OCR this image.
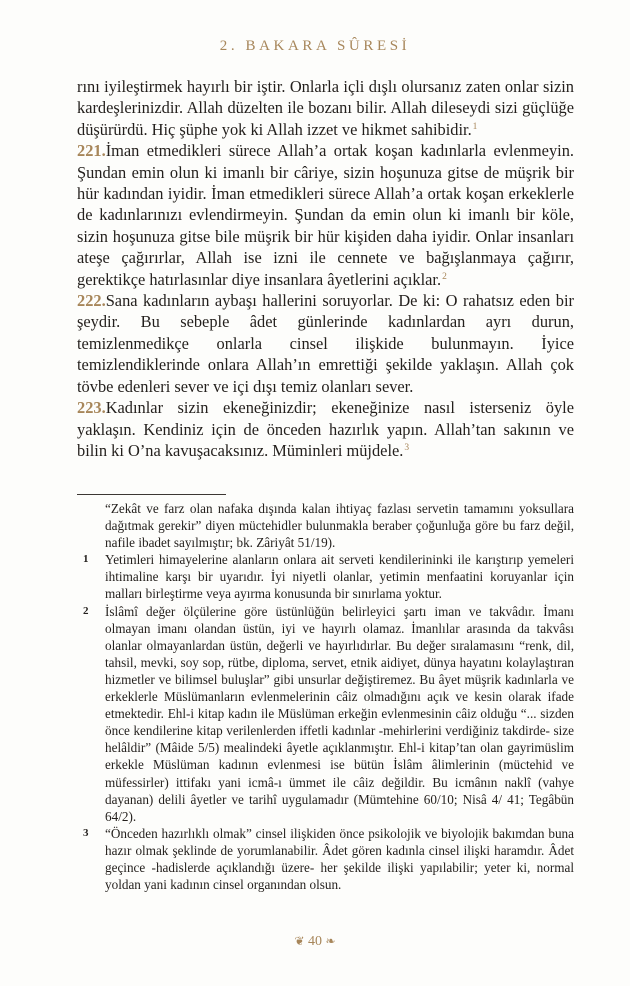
2. BAKARA SÛRESİ

rını iyileştirmek hayırlı bir iştir. Onlarla içli dışlı olursanız zaten onlar sizin kardeşlerinizdir. Allah düzelten ile bozanı bilir. Allah dileseydi sizi güçlüğe düşürürdü. Hiç şüphe yok ki Allah izzet ve hikmet sahibidir.$^1$

221.İman etmedikleri sürece Allah’a ortak koşan kadınlarla evlenmeyin. Şundan emin olun ki imanlı bir câriye, sizin hoşunuza gitse de müşrik bir hür kadından iyidir. İman etmedikleri sürece Allah’a ortak koşan erkeklerle de kadınlarınızı evlendirmeyin. Şundan da emin olun ki imanlı bir köle, sizin hoşunuza gitse bile müşrik bir hür kişiden daha iyidir. Onlar insanları ateşe çağırırlar, Allah ise izni ile cennete ve bağışlanmaya çağırır, gerektikçe hatırlasınlar diye insanlara âyetlerini açıklar.$^2$

222.Sana kadınların aybaşı hallerini soruyorlar. De ki: O rahatsız eden bir şeydir. Bu sebeple âdet günlerinde kadınlardan ayrı durun, temizlenmedikçe onlarla cinsel ilişkide bulunmayın. İyice temizlendiklerinde onlara Allah’ın emrettiği şekilde yaklaşın. Allah çok tövbe edenleri sever ve içi dışı temiz olanları sever.

223.Kadınlar sizin ekeneğinizdir; ekeneğinize nasıl isterseniz öyle yaklaşın. Kendiniz için de önceden hazırlık yapın. Allah’tan sakının ve bilin ki O’na kavuşacaksınız. Müminleri müjdele.$^3$

“Zekât ve farz olan nafaka dışında kalan ihtiyaç fazlası servetin tamamını yoksullara dağıtmak gerekir” diyen müctehidler bulunmakla beraber çoğunluğa göre bu farz değil, nafile ibadet sayılmıştır; bk. Zâriyât 51/19).
1	Yetimleri himayelerine alanların onlara ait serveti kendilerininki ile karıştırıp yemeleri ihtimaline karşı bir uyarıdır. İyi niyetli olanlar, yetimin menfaatini koruyanlar için malları birleştirme veya ayırma konusunda bir sınırlama yoktur.
2	İslâmî değer ölçülerine göre üstünlüğün belirleyici şartı iman ve takvâdır. İmanı olmayan imanı olandan üstün, iyi ve hayırlı olamaz. İmanlılar arasında da takvâsı olanlar olmayanlardan üstün, değerli ve hayırlıdırlar. Bu değer sıralamasını “renk, dil, tahsil, mevki, soy sop, rütbe, diploma, servet, etnik aidiyet, dünya hayatını kolaylaştıran hizmetler ve bilimsel buluşlar” gibi unsurlar değiştiremez. Bu âyet müşrik kadınlarla ve erkeklerle Müslümanların evlenmelerinin câiz olmadığını açık ve kesin olarak ifade etmektedir. Ehl-i kitap kadın ile Müslüman erkeğin evlenmesinin câiz olduğu “... sizden önce kendilerine kitap verilenlerden iffetli kadınlar -mehirlerini verdiğiniz takdirde- size helâldir” (Mâide 5/5) mealindeki âyetle açıklanmıştır. Ehl-i kitap’tan olan gayrimüslim erkekle Müslüman kadının evlenmesi ise bütün İslâm âlimlerinin (müctehid ve müfessirler) ittifakı yani icmâ-ı ümmet ile câiz değildir. Bu icmânın naklî (vahye dayanan) delili âyetler ve tarihî uygulamadır (Mümtehine 60/10; Nisâ 4/ 41; Tegâbün 64/2).
3	“Önceden hazırlıklı olmak” cinsel ilişkiden önce psikolojik ve biyolojik bakımdan buna hazır olmak şeklinde de yorumlanabilir. Âdet gören kadınla cinsel ilişki haramdır. Âdet geçince -hadislerde açıklandığı üzere- her şekilde ilişki yapılabilir; yeter ki, normal yoldan yani kadının cinsel organından olsun.
❦ 40 ❧
